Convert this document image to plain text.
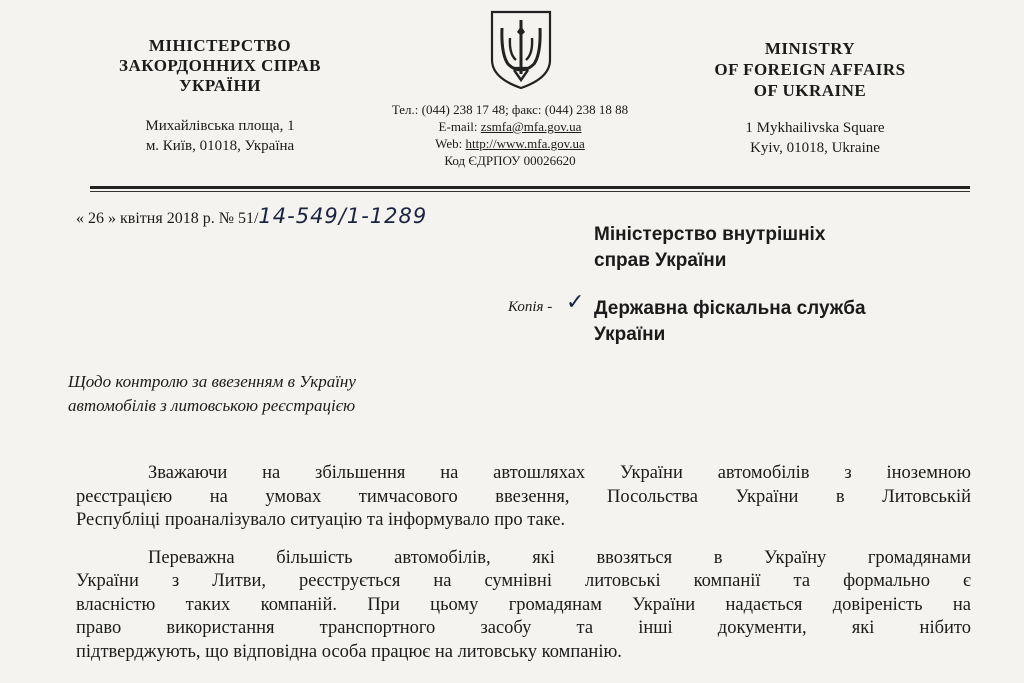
МІНІСТЕРСТВО
ЗАКОРДОННИХ СПРАВ
УКРАЇНИ
MINISTRY
OF FOREIGN AFFAIRS
OF UKRAINE
Михайлівська площа, 1
м. Київ, 01018, Україна
1 Mykhailivska Square
Kyiv, 01018, Ukraine
Тел.: (044) 238 17 48; факс: (044) 238 18 88
E-mail: zsmfa@mfa.gov.ua
Web: http://www.mfa.gov.ua
Код ЄДРПОУ 00026620
« 26 » квітня 2018 р. № 51/14-549/1-1289
Міністерство внутрішніх
справ України
Копія - ✓ Державна фіскальна служба
України
Щодо контролю за ввезенням в Україну
автомобілів з литовською реєстрацією
Зважаючи на збільшення на автошляхах України автомобілів з іноземною
реєстрацією на умовах тимчасового ввезення, Посольства України в Литовській
Республіці проаналізувало ситуацію та інформувало про таке.
Переважна більшість автомобілів, які ввозяться в Україну громадянами
України з Литви, реєструється на сумнівні литовські компанії та формально є
власністю таких компаній. При цьому громадянам України надається довіреність на
право використання транспортного засобу та інші документи, які нібито
підтверджують, що відповідна особа працює на литовську компанію.
